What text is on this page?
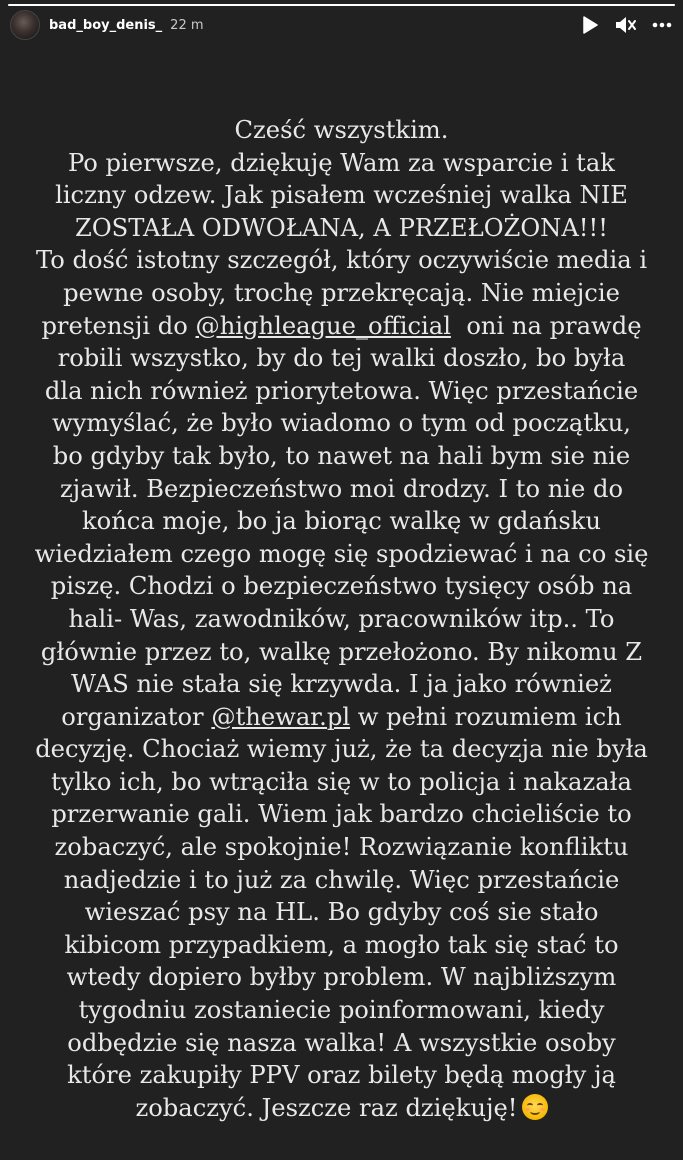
bad_boy_denis_ 22 m
Cześć wszystkim.
Po pierwsze, dziękuję Wam za wsparcie i tak
liczny odzew. Jak pisałem wcześniej walka NIE
ZOSTAŁA ODWOŁANA, A PRZEŁOŻONA!!!
To dość istotny szczegół, który oczywiście media i
pewne osoby, trochę przekręcają. Nie miejcie
pretensji do @highleague_official oni na prawdę
robili wszystko, by do tej walki doszło, bo była
dla nich również priorytetowa. Więc przestańcie
wymyślać, że było wiadomo o tym od początku,
bo gdyby tak było, to nawet na hali bym sie nie
zjawił. Bezpieczeństwo moi drodzy. I to nie do
końca moje, bo ja biorąc walkę w gdańsku
wiedziałem czego mogę się spodziewać i na co się
piszę. Chodzi o bezpieczeństwo tysięcy osób na
hali- Was, zawodników, pracowników itp.. To
głównie przez to, walkę przełożono. By nikomu Z
WAS nie stała się krzywda. I ja jako również
organizator @thewar.pl w pełni rozumiem ich
decyzję. Chociaż wiemy już, że ta decyzja nie była
tylko ich, bo wtrąciła się w to policja i nakazała
przerwanie gali. Wiem jak bardzo chcieliście to
zobaczyć, ale spokojnie! Rozwiązanie konfliktu
nadjedzie i to już za chwilę. Więc przestańcie
wieszać psy na HL. Bo gdyby coś sie stało
kibicom przypadkiem, a mogło tak się stać to
wtedy dopiero byłby problem. W najbliższym
tygodniu zostaniecie poinformowani, kiedy
odbędzie się nasza walka! A wszystkie osoby
które zakupiły PPV oraz bilety będą mogły ją
zobaczyć. Jeszcze raz dziękuję!
